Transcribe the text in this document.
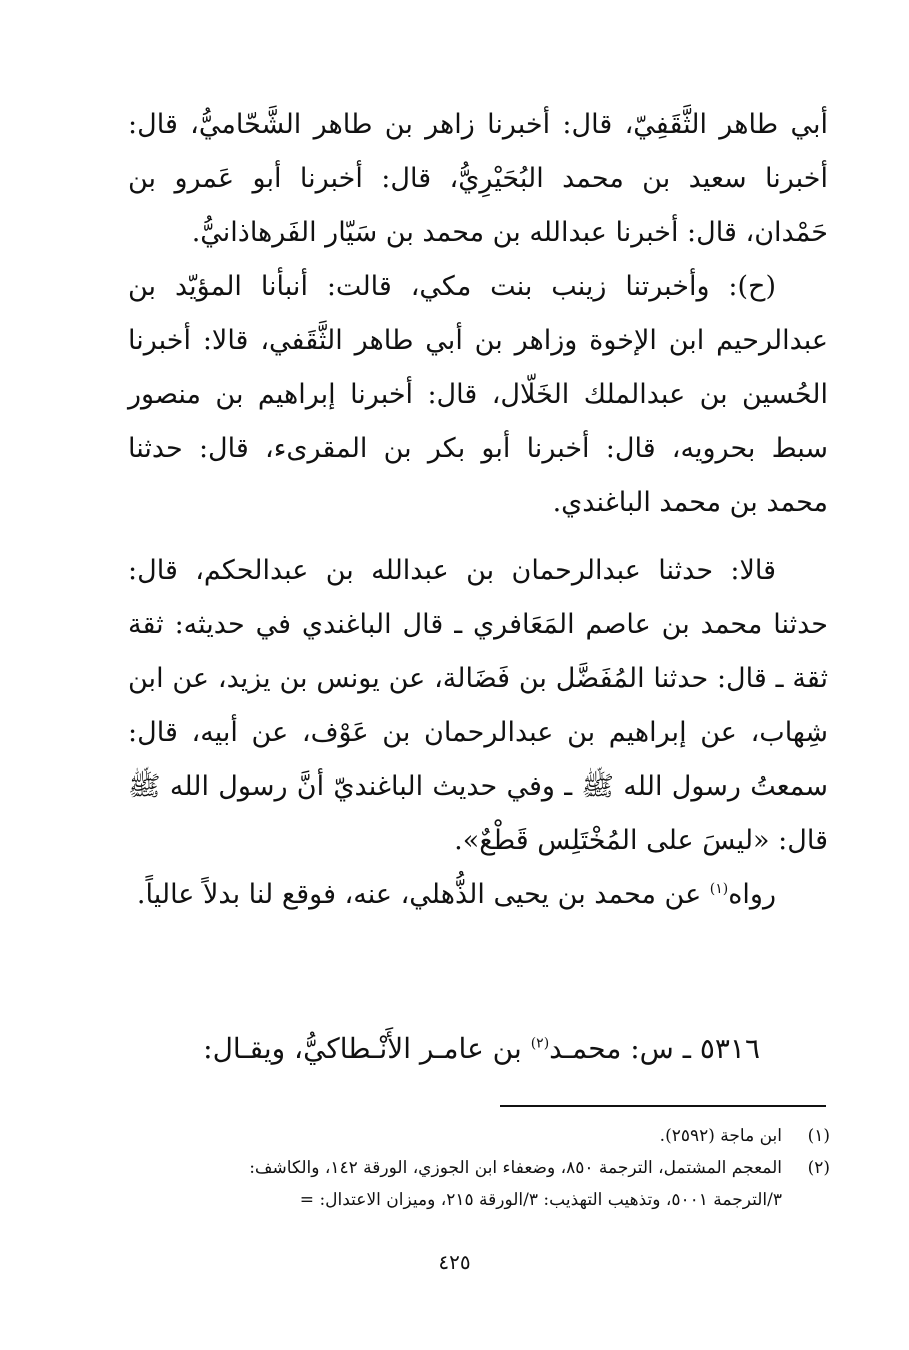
أبي طاهر الثَّقَفِيّ، قال: أخبرنا زاهر بن طاهر الشَّحّاميُّ، قال: أخبرنا سعيد بن محمد البُحَيْرِيُّ، قال: أخبرنا أبو عَمرو بن حَمْدان، قال: أخبرنا عبدالله بن محمد بن سَيّار الفَرهاذانيُّ.

(ح): وأخبرتنا زينب بنت مكي، قالت: أنبأنا المؤيّد بن عبدالرحيم ابن الإخوة وزاهر بن أبي طاهر الثَّقَفي، قالا: أخبرنا الحُسين بن عبدالملك الخَلّال، قال: أخبرنا إبراهيم بن منصور سبط بحرويه، قال: أخبرنا أبو بكر بن المقرىء، قال: حدثنا محمد بن محمد الباغندي.

قالا: حدثنا عبدالرحمان بن عبدالله بن عبدالحكم، قال: حدثنا محمد بن عاصم المَعَافري ـ قال الباغندي في حديثه: ثقة ثقة ـ قال: حدثنا المُفَضَّل بن فَضَالة، عن يونس بن يزيد، عن ابن شِهاب، عن إبراهيم بن عبدالرحمان بن عَوْف، عن أبيه، قال: سمعتُ رسول الله ﷺ ـ وفي حديث الباغنديّ أنَّ رسول الله ﷺ قال: «ليسَ على المُخْتَلِس قَطْعٌ».

رواه$^{(١)}$ عن محمد بن يحيى الذُّهلي، عنه، فوقع لنا بدلاً عالياً.

٥٣١٦ ـ س: محمـد$^{(٢)}$ بن عامـر الأَنْـطاكيُّ، ويقـال:
(١)
ابن ماجة (٢٥٩٢).
(٢)
المعجم المشتمل، الترجمة ٨٥٠، وضعفاء ابن الجوزي، الورقة ١٤٢، والكاشف:
٣/الترجمة ٥٠٠١، وتذهيب التهذيب: ٣/الورقة ٢١٥، وميزان الاعتدال: =
٤٢٥
